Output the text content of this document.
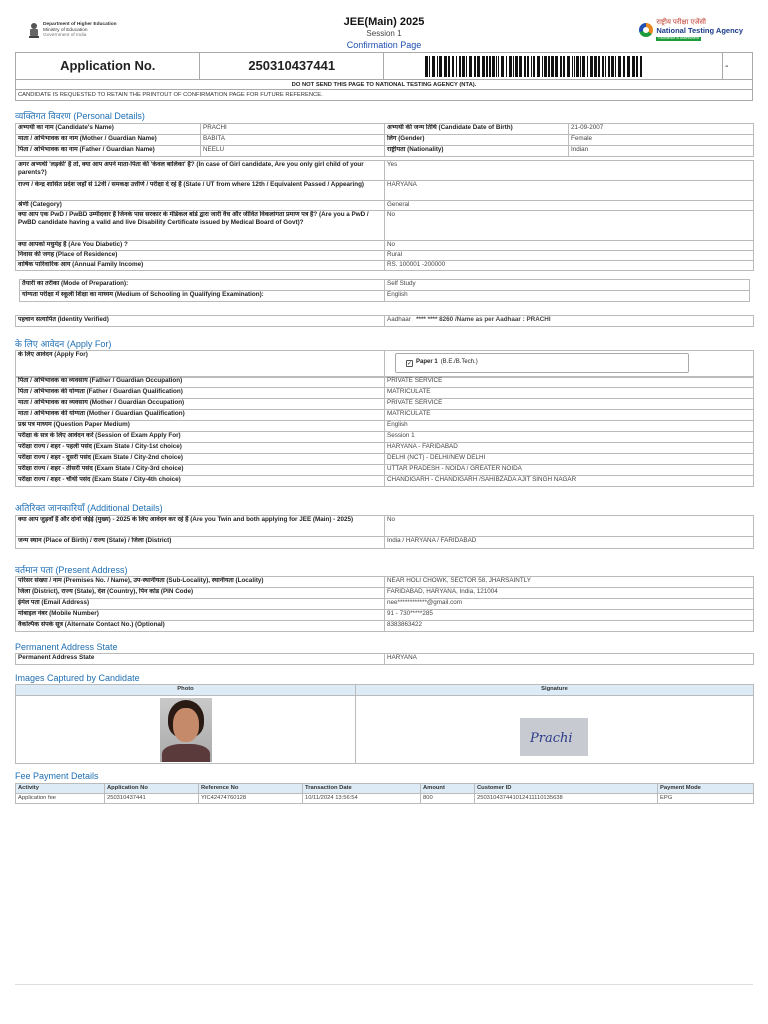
Department of Higher Education
Ministry of Education
Government of India
JEE(Main) 2025
Session 1
Confirmation Page
राष्ट्रीय परीक्षा एजेंसी
National Testing Agency
Excellence in Assessment
Application No.	250310437441	-
DO NOT SEND THIS PAGE TO NATIONAL TESTING AGENCY (NTA).
CANDIDATE IS REQUESTED TO RETAIN THE PRINTOUT OF CONFIRMATION PAGE FOR FUTURE REFERENCE.
व्यक्तिगत विवरण (Personal Details)
अभ्यर्थी का नाम (Candidate's Name)	PRACHI	अभ्यर्थी की जन्म तिथि (Candidate Date of Birth)	21-09-2007
माता / अभिभावक का नाम (Mother / Guardian Name)	BABITA	लिंग (Gender)	Female
पिता / अभिभावक का नाम (Father / Guardian Name)	NEELU	राष्ट्रीयता (Nationality)	Indian
अगर अभ्यर्थी 'लड़की' है तो, क्या आप अपने माता-पिता की 'केवल बालिका' हैं? (In case of Girl candidate, Are you only girl child of your parents?)	Yes
राज्य / केन्द्र शासित प्रदेश जहाँ से 12वीं / समकक्ष उत्तीर्ण / परीक्षा दे रहे हैं (State / UT from where 12th / Equivalent Passed / Appearing)	HARYANA
श्रेणी (Category)	General
क्या आप एक PwD / PwBD उम्मीदवार हैं जिनके पास सरकार के मेडिकल बोर्ड द्वारा जारी वैध और जीवित विकलांगता प्रमाण पत्र है? (Are you a PwD / PwBD candidate having a valid and live Disability Certificate issued by Medical Board of Govt)?	No
क्या आपको मधुमेह है (Are You Diabetic) ?	No
निवास की जगह (Place of Residence)	Rural
वार्षिक पारिवारिक आय (Annual Family Income)	RS. 100001 -200000
तैयारी का तरीका (Mode of Preparation):	Self Study
योग्यता परीक्षा में स्कूली शिक्षा का माध्यम (Medium of Schooling in Qualifying Examination):	English
पहचान सत्यापित (Identity Verified)	Aadhaar **** **** 8260 /Name as per Aadhaar : PRACHI
के लिए आवेदन (Apply For)
के लिए आवेदन (Apply For)	
✓ Paper 1 (B.E./B.Tech.)
पिता / अभिभावक का व्यवसाय (Father / Guardian Occupation)	PRIVATE SERVICE
पिता / अभिभावक की योग्यता (Father / Guardian Qualification)	MATRICULATE
माता / अभिभावक का व्यवसाय (Mother / Guardian Occupation)	PRIVATE SERVICE
माता / अभिभावक की योग्यता (Mother / Guardian Qualification)	MATRICULATE
प्रश्न पत्र माध्यम (Question Paper Medium)	English
परीक्षा के सत्र के लिए आवेदन करें (Session of Exam Apply For)	Session 1
परीक्षा राज्य / शहर - पहली पसंद (Exam State / City-1st choice)	HARYANA - FARIDABAD
परीक्षा राज्य / शहर - दूसरी पसंद (Exam State / City-2nd choice)	DELHI (NCT) - DELHI/NEW DELHI
परीक्षा राज्य / शहर - तीसरी पसंद (Exam State / City-3rd choice)	UTTAR PRADESH - NOIDA / GREATER NOIDA
परीक्षा राज्य / शहर - चौथी पसंद (Exam State / City-4th choice)	CHANDIGARH - CHANDIGARH /SAHIBZADA AJIT SINGH NAGAR
अतिरिक्त जानकारियाँ (Additional Details)
क्या आप जुड़वाँ हैं और दोनों जेईई (मुख्य) - 2025 के लिए आवेदन कर रहे हैं (Are you Twin and both applying for JEE (Main) - 2025)	No
जन्म स्थान (Place of Birth) / राज्य (State) / जिला (District)	India / HARYANA / FARIDABAD
वर्तमान पता (Present Address)
परिसर संख्या / नाम (Premises No. / Name), उप-स्थानीयता (Sub-Locality), स्थानीयता (Locality)	NEAR HOLI CHOWK, SECTOR 58, JHARSAINTLY
जिला (District), राज्य (State), देश (Country), पिन कोड (PIN Code)	FARIDABAD, HARYANA, India, 121004
ईमेल पता (Email Address)	nee************@gmail.com
मोबाइल नंबर (Mobile Number)	91 - 730*****285
वैकल्पिक संपर्क सूत्र (Alternate Contact No.) (Optional)	8383863422
Permanent Address State
Permanent Address State	HARYANA
Images Captured by Candidate
Photo	Signature

Prachi
Fee Payment Details
Activity	Application No	Reference No	Transaction Date	Amount	Customer ID	Payment Mode
Application fee	250310437441	YIC42474760128	10/11/2024 13:56:54	800	250310437441012411110135638	EPG
